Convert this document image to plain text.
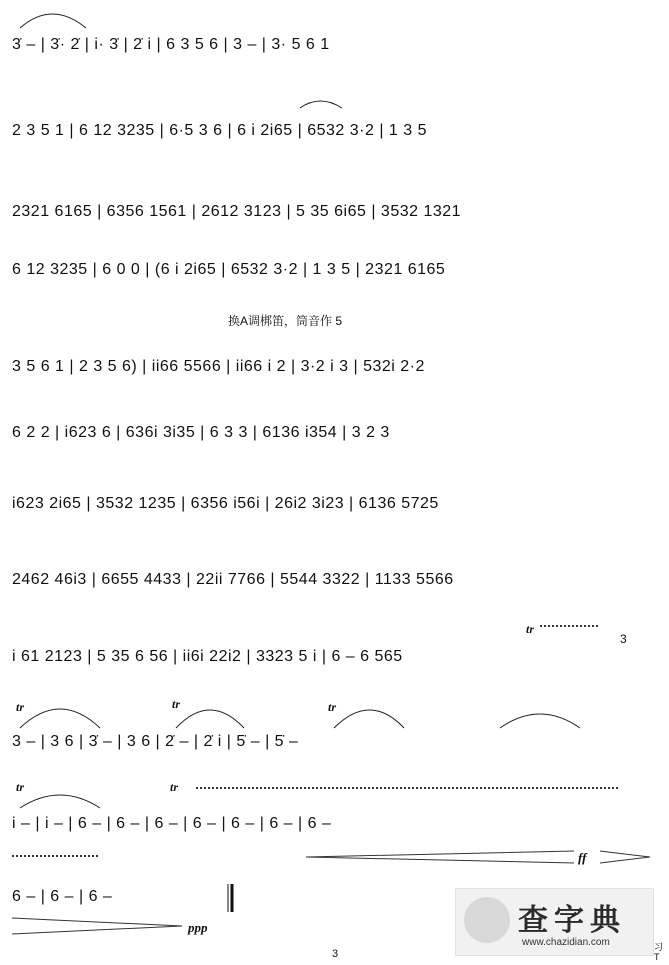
3̇ – | 3̇· 2̇ | i· 3̇ | 2̇ i | 6 3 5 6 | 3 – | 3· 5 6 1
2 3 5 1 | 6 12 3235 | 6·5 3 6 | 6 i 2i65 | 6532 3·2 | 1 3 5
2321 6165 | 6356 1561 | 2612 3123 | 5 35 6i65 | 3532 1321
6 12 3235 | 6 0 0 | (6 i 2i65 | 6532 3·2 | 1 3 5 | 2321 6165
换A调梆笛，筒音作 5
3 5 6 1 | 2 3 5 6) | ii66 5566 | ii66 i 2 | 3·2 i 3 | 532i 2·2
6 2 2 | i623 6 | 636i 3i35 | 6 3 3 | 6136 i354 | 3 2 3
i623 2i65 | 3532 1235 | 6356 i56i | 26i2 3i23 | 6136 5725
2462 46i3 | 6655 4433 | 22ii 7766 | 5544 3322 | 1133 5566
i 61 2123 | 5 35 6 56 | ii6i 22i2 | 3323 5 i | 6 – 6 565
3 – | 3 6 | 3̇ – | 3 6 | 2̇ – | 2̇ i | 5̇ – | 5̇ –
i – | i – | 6 – | 6 – | 6 – | 6 – | 6 – | 6 – | 6 –
6 – | 6 – | 6 –
tr
tr	tr	tr
tr	tr
ff
ppp
3
3
查字典
www.chazidian.com	习 T
